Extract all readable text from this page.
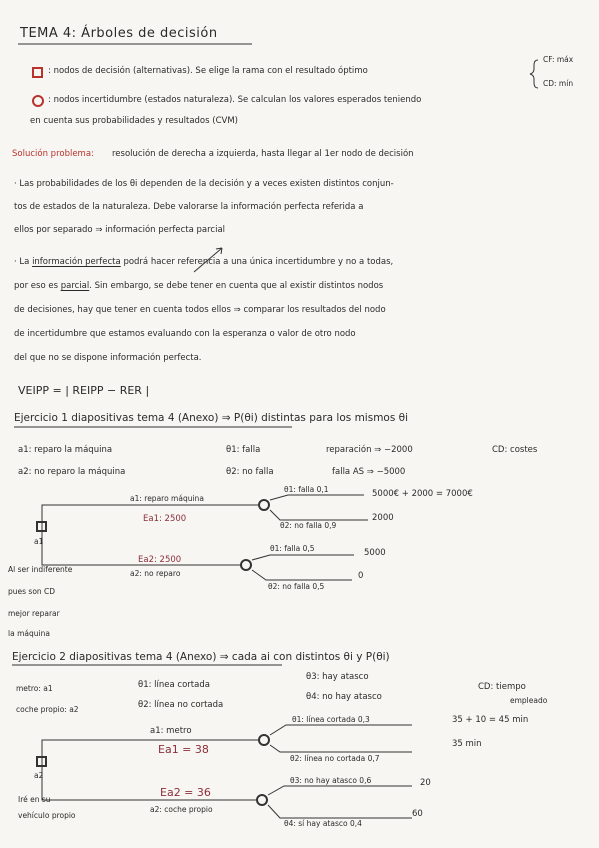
TEMA 4: Árboles de decisión
: nodos de decisión (alternativas). Se elige la rama con el resultado óptimo
CF: máx
CD: mín
: nodos incertidumbre (estados naturaleza). Se calculan los valores esperados teniendo
en cuenta sus probabilidades y resultados (CVM)
Solución problema: resolución de derecha a izquierda, hasta llegar al 1er nodo de decisión
· Las probabilidades de los θi dependen de la decisión y a veces existen distintos conjun-
tos de estados de la naturaleza. Debe valorarse la información perfecta referida a
ellos por separado ⇒ información perfecta parcial
· La información perfecta podrá hacer referencia a una única incertidumbre y no a todas,
por eso es parcial. Sin embargo, se debe tener en cuenta que al existir distintos nodos
de decisiones, hay que tener en cuenta todos ellos ⇒ comparar los resultados del nodo
de incertidumbre que estamos evaluando con la esperanza o valor de otro nodo
del que no se dispone información perfecta.
VEIPP = | REIPP − RER |
Ejercicio 1 diapositivas tema 4 (Anexo) ⇒ P(θi) distintas para los mismos θi
a1: reparo la máquina
a2: no reparo la máquina
θ1: falla
θ2: no falla
reparación ⇒ −2000
falla AS ⇒ −5000
CD: costes
a1: reparo máquina
Ea1: 2500
Ea2: 2500
a2: no reparo
a1
θ1: falla 0,1
θ2: no falla 0,9
θ1: falla 0,5
θ2: no falla 0,5
5000€ + 2000 = 7000€
2000
5000
0
Al ser indiferente
pues son CD
mejor reparar
la máquina
Ejercicio 2 diapositivas tema 4 (Anexo) ⇒ cada ai con distintos θi y P(θi)
metro: a1
coche propio: a2
θ1: línea cortada
θ2: línea no cortada
θ3: hay atasco
θ4: no hay atasco
CD: tiempo
empleado
a1: metro
Ea1 = 38
Ea2 = 36
a2: coche propio
a2
θ1: línea cortada 0,3
θ2: línea no cortada 0,7
θ3: no hay atasco 0,6
θ4: sí hay atasco 0,4
35 + 10 = 45 min
35 min
20
60
Iré en su
vehículo propio
